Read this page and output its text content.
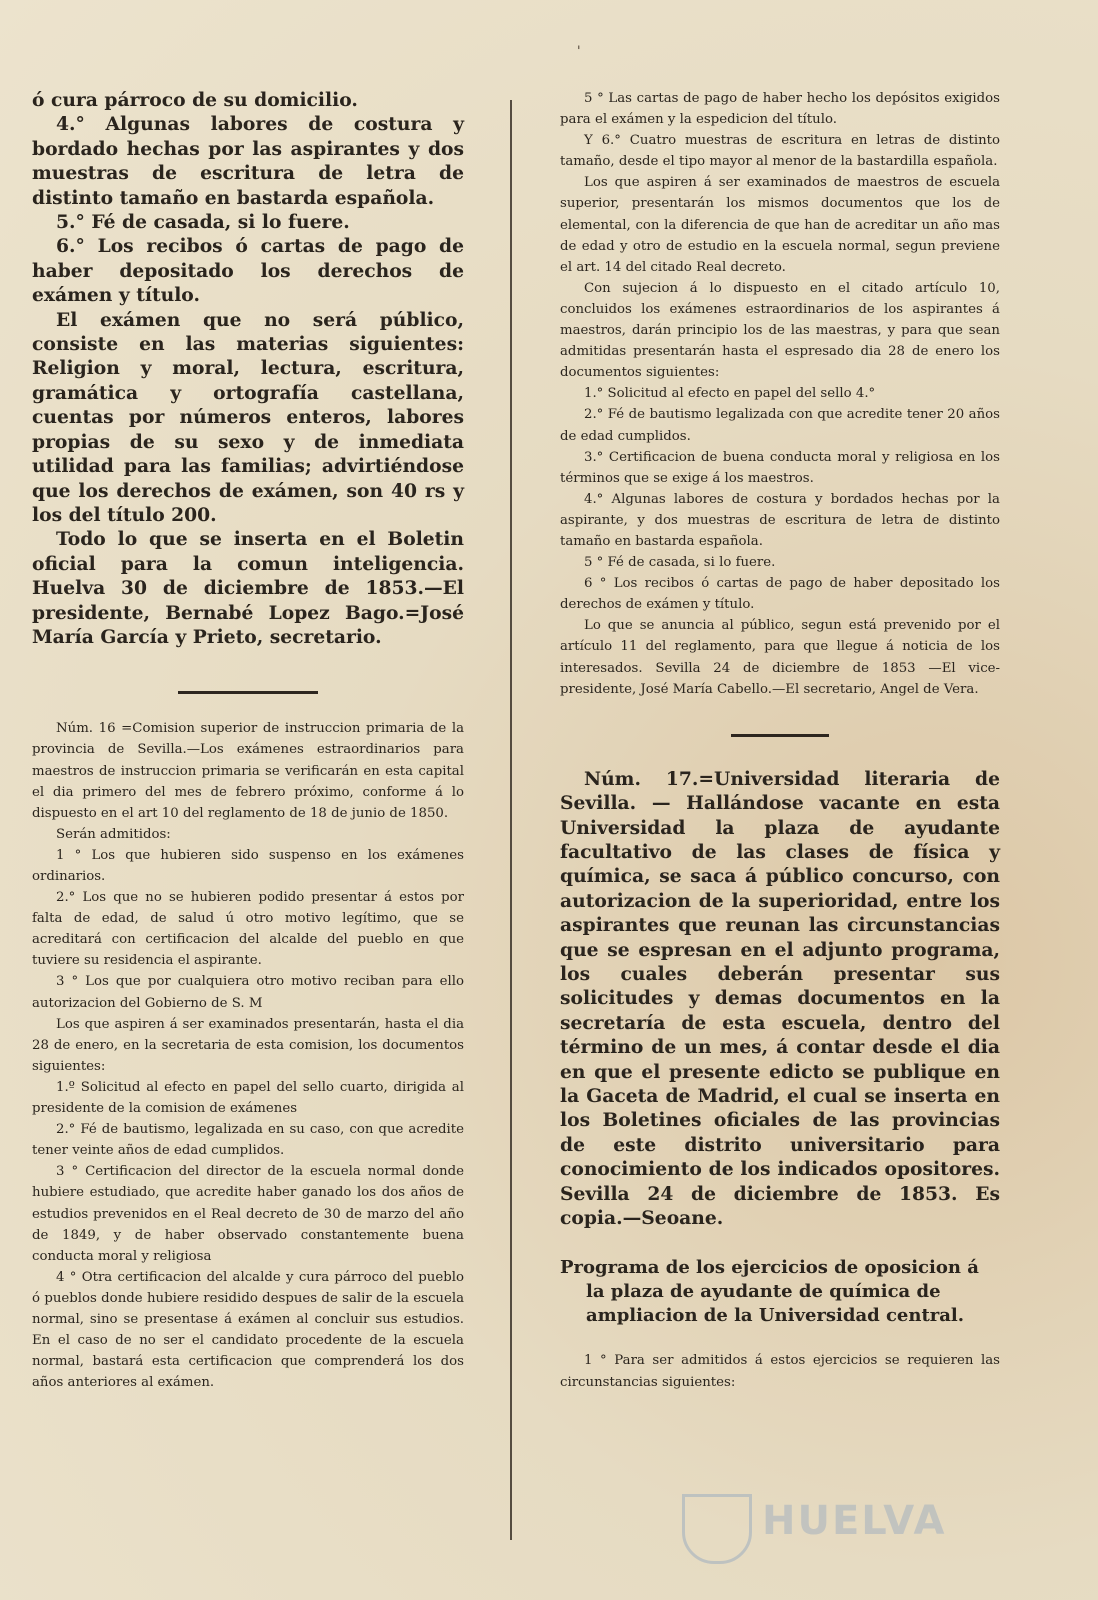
'

ó cura párroco de su domicilio.

4.° Algunas labores de costura y bordado hechas por las aspirantes y dos muestras de escritura de letra de distinto tamaño en bastarda española.

5.° Fé de casada, si lo fuere.

6.° Los recibos ó cartas de pago de haber depositado los derechos de exámen y título.

El exámen que no será público, consiste en las materias siguientes: Religion y moral, lectura, escritura, gramática y ortografía castellana, cuentas por números enteros, labores propias de su sexo y de inmediata utilidad para las familias; advirtiéndose que los derechos de exámen, son 40 rs y los del título 200.

Todo lo que se inserta en el Boletin oficial para la comun inteligencia. Huelva 30 de diciembre de 1853.—El presidente, Bernabé Lopez Bago.=José María García y Prieto, secretario.

Núm. 16 =Comision superior de instruccion primaria de la provincia de Sevilla.—Los exámenes estraordinarios para maestros de instruccion primaria se verificarán en esta capital el dia primero del mes de febrero próximo, conforme á lo dispuesto en el art 10 del reglamento de 18 de junio de 1850.

Serán admitidos:

1 ° Los que hubieren sido suspenso en los exámenes ordinarios.

2.° Los que no se hubieren podido presentar á estos por falta de edad, de salud ú otro motivo legítimo, que se acreditará con certificacion del alcalde del pueblo en que tuviere su residencia el aspirante.

3 ° Los que por cualquiera otro motivo reciban para ello autorizacion del Gobierno de S. M

Los que aspiren á ser examinados presentarán, hasta el dia 28 de enero, en la secretaria de esta comision, los documentos siguientes:

1.º Solicitud al efecto en papel del sello cuarto, dirigida al presidente de la comision de exámenes

2.° Fé de bautismo, legalizada en su caso, con que acredite tener veinte años de edad cumplidos.

3 ° Certificacion del director de la escuela normal donde hubiere estudiado, que acredite haber ganado los dos años de estudios prevenidos en el Real decreto de 30 de marzo del año de 1849, y de haber observado constantemente buena conducta moral y religiosa

4 ° Otra certificacion del alcalde y cura párroco del pueblo ó pueblos donde hubiere residido despues de salir de la escuela normal, sino se presentase á exámen al concluir sus estudios. En el caso de no ser el candidato procedente de la escuela normal, bastará esta certificacion que comprenderá los dos años anteriores al exámen.

5 ° Las cartas de pago de haber hecho los depósitos exigidos para el exámen y la espedicion del título.

Y 6.° Cuatro muestras de escritura en letras de distinto tamaño, desde el tipo mayor al menor de la bastardilla española.

Los que aspiren á ser examinados de maestros de escuela superior, presentarán los mismos documentos que los de elemental, con la diferencia de que han de acreditar un año mas de edad y otro de estudio en la escuela normal, segun previene el art. 14 del citado Real decreto.

Con sujecion á lo dispuesto en el citado artículo 10, concluidos los exámenes estraordinarios de los aspirantes á maestros, darán principio los de las maestras, y para que sean admitidas presentarán hasta el espresado dia 28 de enero los documentos siguientes:

1.° Solicitud al efecto en papel del sello 4.°

2.° Fé de bautismo legalizada con que acredite tener 20 años de edad cumplidos.

3.° Certificacion de buena conducta moral y religiosa en los términos que se exige á los maestros.

4.° Algunas labores de costura y bordados hechas por la aspirante, y dos muestras de escritura de letra de distinto tamaño en bastarda española.

5 ° Fé de casada, si lo fuere.

6 ° Los recibos ó cartas de pago de haber depositado los derechos de exámen y título.

Lo que se anuncia al público, segun está prevenido por el artículo 11 del reglamento, para que llegue á noticia de los interesados. Sevilla 24 de diciembre de 1853 —El vice-presidente, José María Cabello.—El secretario, Angel de Vera.

Núm. 17.=Universidad literaria de Sevilla. — Hallándose vacante en esta Universidad la plaza de ayudante facultativo de las clases de física y química, se saca á público concurso, con autorizacion de la superioridad, entre los aspirantes que reunan las circunstancias que se espresan en el adjunto programa, los cuales deberán presentar sus solicitudes y demas documentos en la secretaría de esta escuela, dentro del término de un mes, á contar desde el dia en que el presente edicto se publique en la Gaceta de Madrid, el cual se inserta en los Boletines oficiales de las provincias de este distrito universitario para conocimiento de los indicados opositores. Sevilla 24 de diciembre de 1853. Es copia.—Seoane.

Programa de los ejercicios de oposicion á la plaza de ayudante de química de ampliacion de la Universidad central.

1 ° Para ser admitidos á estos ejercicios se requieren las circunstancias siguientes:

HUELVA
